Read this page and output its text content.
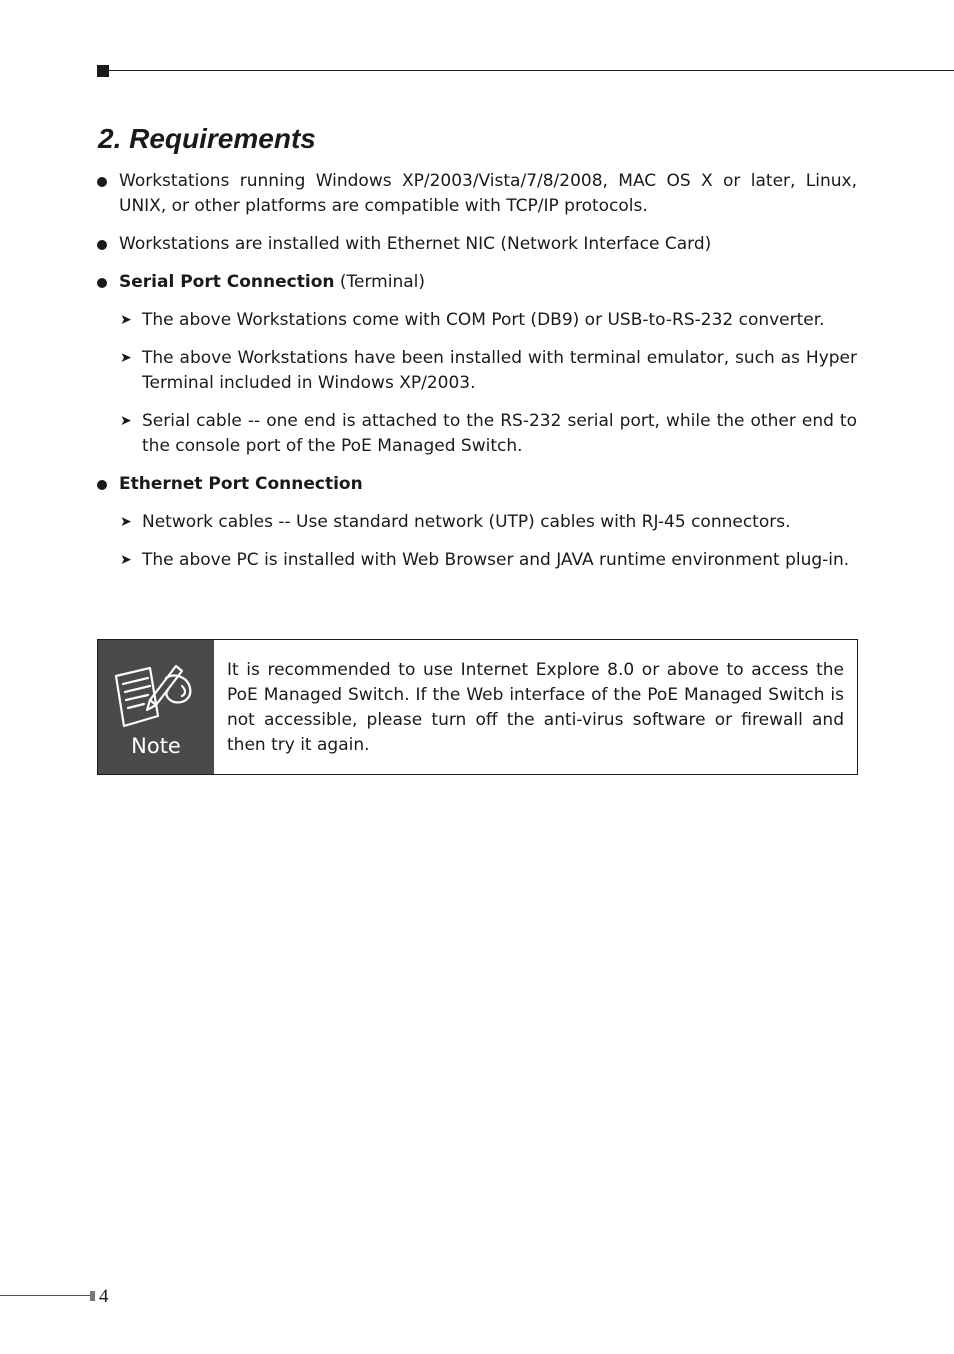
2. Requirements
Workstations running Windows XP/2003/Vista/7/8/2008, MAC OS X or later, Linux, UNIX, or other platforms are compatible with TCP/IP protocols.
Workstations are installed with Ethernet NIC (Network Interface Card)
Serial Port Connection (Terminal)
➤ The above Workstations come with COM Port (DB9) or USB-to-RS-232 converter.
➤ The above Workstations have been installed with terminal emulator, such as Hyper Terminal included in Windows XP/2003.
➤ Serial cable -- one end is attached to the RS-232 serial port, while the other end to the console port of the PoE Managed Switch.
Ethernet Port Connection
➤ Network cables -- Use standard network (UTP) cables with RJ-45 connectors.
➤ The above PC is installed with Web Browser and JAVA runtime environment plug-in.
Note
It is recommended to use Internet Explore 8.0 or above to access the PoE Managed Switch. If the Web interface of the PoE Managed Switch is not accessible, please turn off the anti-virus software or firewall and then try it again.
4
